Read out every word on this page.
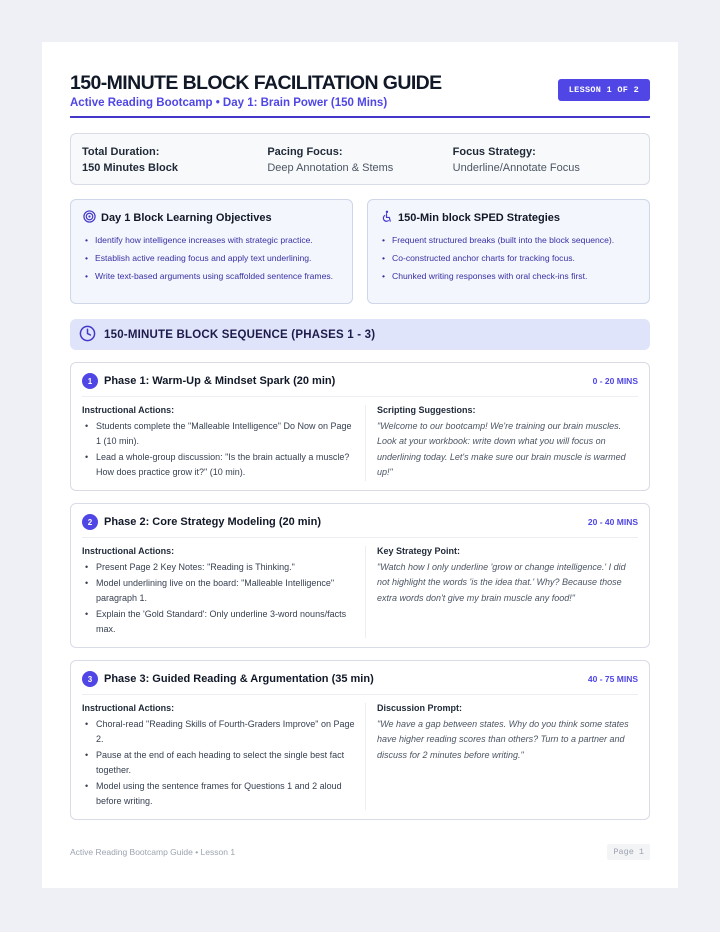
150-MINUTE BLOCK FACILITATION GUIDE
Active Reading Bootcamp • Day 1: Brain Power (150 Mins)
LESSON 1 OF 2
Total Duration:
150 Minutes Block
Pacing Focus:
Deep Annotation & Stems
Focus Strategy:
Underline/Annotate Focus
Day 1 Block Learning Objectives
• Identify how intelligence increases with strategic practice.
• Establish active reading focus and apply text underlining.
• Write text-based arguments using scaffolded sentence frames.
150-Min block SPED Strategies
• Frequent structured breaks (built into the block sequence).
• Co-constructed anchor charts for tracking focus.
• Chunked writing responses with oral check-ins first.
150-MINUTE BLOCK SEQUENCE (PHASES 1 - 3)
1	Phase 1: Warm-Up & Mindset Spark (20 min)	0 - 20 MINS
Instructional Actions:
• Students complete the "Malleable Intelligence" Do Now on Page 1 (10 min).
• Lead a whole-group discussion: "Is the brain actually a muscle? How does practice grow it?" (10 min).
Scripting Suggestions:
"Welcome to our bootcamp! We're training our brain muscles. Look at your workbook: write down what you will focus on underlining today. Let's make sure our brain muscle is warmed up!"
2	Phase 2: Core Strategy Modeling (20 min)	20 - 40 MINS
Instructional Actions:
• Present Page 2 Key Notes: "Reading is Thinking."
• Model underlining live on the board: "Malleable Intelligence" paragraph 1.
• Explain the 'Gold Standard': Only underline 3-word nouns/facts max.
Key Strategy Point:
"Watch how I only underline 'grow or change intelligence.' I did not highlight the words 'is the idea that.' Why? Because those extra words don't give my brain muscle any food!"
3	Phase 3: Guided Reading & Argumentation (35 min)	40 - 75 MINS
Instructional Actions:
• Choral-read "Reading Skills of Fourth-Graders Improve" on Page 2.
• Pause at the end of each heading to select the single best fact together.
• Model using the sentence frames for Questions 1 and 2 aloud before writing.
Discussion Prompt:
"We have a gap between states. Why do you think some states have higher reading scores than others? Turn to a partner and discuss for 2 minutes before writing."
Active Reading Bootcamp Guide • Lesson 1	Page 1
